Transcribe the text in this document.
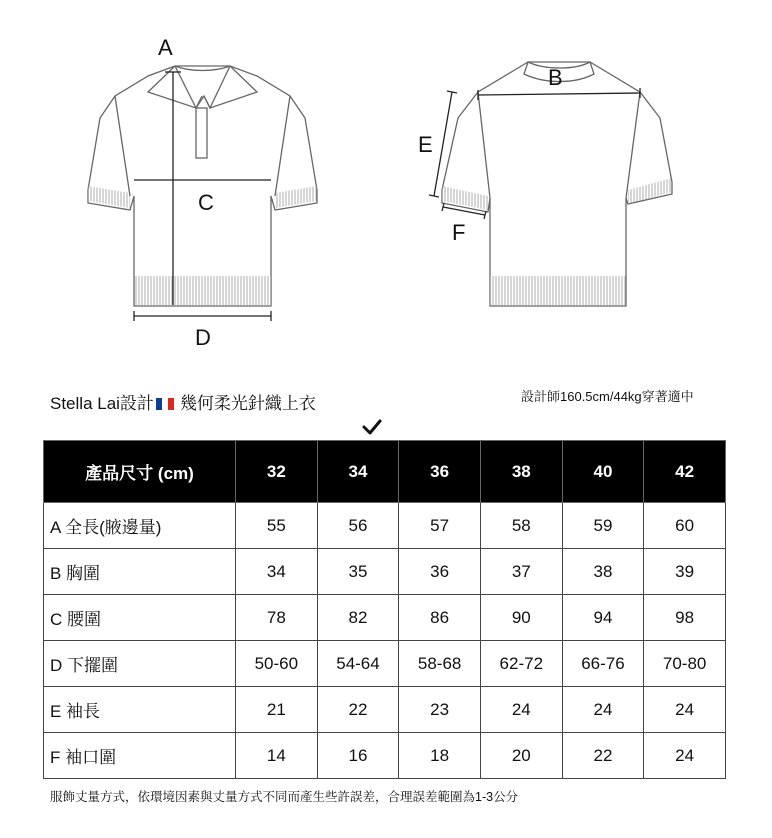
A
B
C
D
E
F
Stella Lai設計 幾何柔光針織上衣	設計師160.5cm/44kg穿著適中
產品尺寸 (cm)	32	34	36	38	40	42
A 全長(腋邊量)	55	56	57	58	59	60
B 胸圍	34	35	36	37	38	39
C 腰圍	78	82	86	90	94	98
D 下擺圍	50-60	54-64	58-68	62-72	66-76	70-80
E 袖長	21	22	23	24	24	24
F 袖口圍	14	16	18	20	22	24
服飾丈量方式，依環境因素與丈量方式不同而產生些許誤差，合理誤差範圍為1-3公分
